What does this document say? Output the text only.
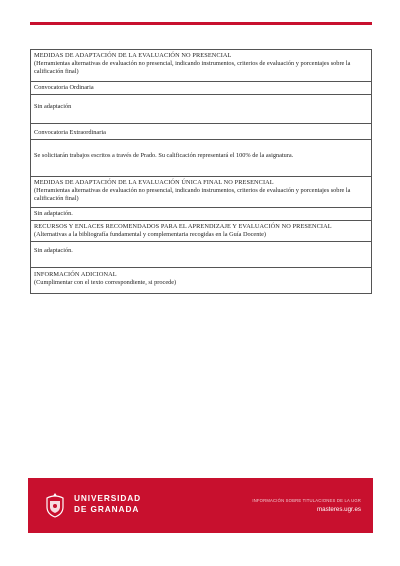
MEDIDAS DE ADAPTACIÓN DE LA EVALUACIÓN NO PRESENCIAL
(Herramientas alternativas de evaluación no presencial, indicando instrumentos, criterios de evaluación y porcentajes sobre la calificación final)

Convocatoria Ordinaria
Sin adaptación
Convocatoria Extraordinaria
Se solicitarán trabajos escritos a través de Prado. Su calificación representará el 100% de la asignatura.
MEDIDAS DE ADAPTACIÓN DE LA EVALUACIÓN ÚNICA FINAL NO PRESENCIAL
(Herramientas alternativas de evaluación no presencial, indicando instrumentos, criterios de evaluación y porcentajes sobre la calificación final)

Sin adaptación.

RECURSOS Y ENLACES RECOMENDADOS PARA EL APRENDIZAJE Y EVALUACIÓN NO PRESENCIAL
(Alternativas a la bibliografía fundamental y complementaria recogidas en la Guía Docente)

Sin adaptación.

INFORMACIÓN ADICIONAL
(Cumplimentar con el texto correspondiente, si procede)
UNIVERSIDAD
DE GRANADA
INFORMACIÓN SOBRE TITULACIONES DE LA UGR
masteres.ugr.es
